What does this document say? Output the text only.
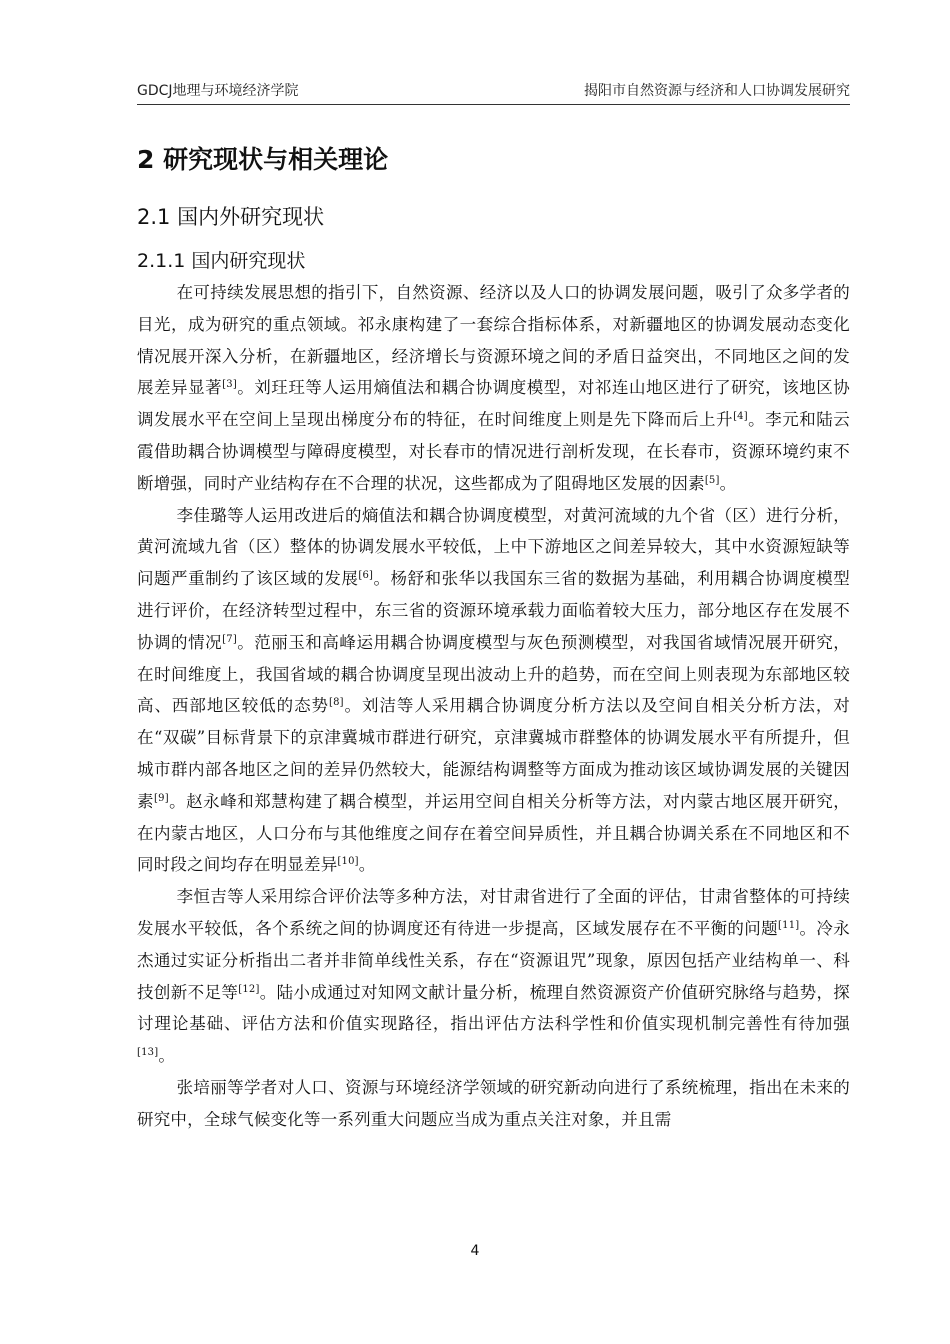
GDCJ地理与环境经济学院	揭阳市自然资源与经济和人口协调发展研究
2 研究现状与相关理论
2.1 国内外研究现状
2.1.1 国内研究现状

在可持续发展思想的指引下，自然资源、经济以及人口的协调发展问题，吸引了众多学者的目光，成为研究的重点领域。祁永康构建了一套综合指标体系，对新疆地区的协调发展动态变化情况展开深入分析，在新疆地区，经济增长与资源环境之间的矛盾日益突出，不同地区之间的发展差异显著[3]。刘玨玨等人运用熵值法和耦合协调度模型，对祁连山地区进行了研究，该地区协调发展水平在空间上呈现出梯度分布的特征，在时间维度上则是先下降而后上升[4]。李元和陆云霞借助耦合协调模型与障碍度模型，对长春市的情况进行剖析发现，在长春市，资源环境约束不断增强，同时产业结构存在不合理的状况，这些都成为了阻碍地区发展的因素[5]。

李佳璐等人运用改进后的熵值法和耦合协调度模型，对黄河流域的九个省（区）进行分析，黄河流域九省（区）整体的协调发展水平较低，上中下游地区之间差异较大，其中水资源短缺等问题严重制约了该区域的发展[6]。杨舒和张华以我国东三省的数据为基础，利用耦合协调度模型进行评价，在经济转型过程中，东三省的资源环境承载力面临着较大压力，部分地区存在发展不协调的情况[7]。范丽玉和高峰运用耦合协调度模型与灰色预测模型，对我国省域情况展开研究，在时间维度上，我国省域的耦合协调度呈现出波动上升的趋势，而在空间上则表现为东部地区较高、西部地区较低的态势[8]。刘洁等人采用耦合协调度分析方法以及空间自相关分析方法，对在“双碳”目标背景下的京津冀城市群进行研究，京津冀城市群整体的协调发展水平有所提升，但城市群内部各地区之间的差异仍然较大，能源结构调整等方面成为推动该区域协调发展的关键因素[9]。赵永峰和郑慧构建了耦合模型，并运用空间自相关分析等方法，对内蒙古地区展开研究，在内蒙古地区，人口分布与其他维度之间存在着空间异质性，并且耦合协调关系在不同地区和不同时段之间均存在明显差异[10]。

李恒吉等人采用综合评价法等多种方法，对甘肃省进行了全面的评估，甘肃省整体的可持续发展水平较低，各个系统之间的协调度还有待进一步提高，区域发展存在不平衡的问题[11]。冷永杰通过实证分析指出二者并非简单线性关系，存在“资源诅咒”现象，原因包括产业结构单一、科技创新不足等[12]。陆小成通过对知网文献计量分析，梳理自然资源资产价值研究脉络与趋势，探讨理论基础、评估方法和价值实现路径，指出评估方法科学性和价值实现机制完善性有待加强[13]。

张培丽等学者对人口、资源与环境经济学领域的研究新动向进行了系统梳理，指出在未来的研究中，全球气候变化等一系列重大问题应当成为重点关注对象，并且需

4
